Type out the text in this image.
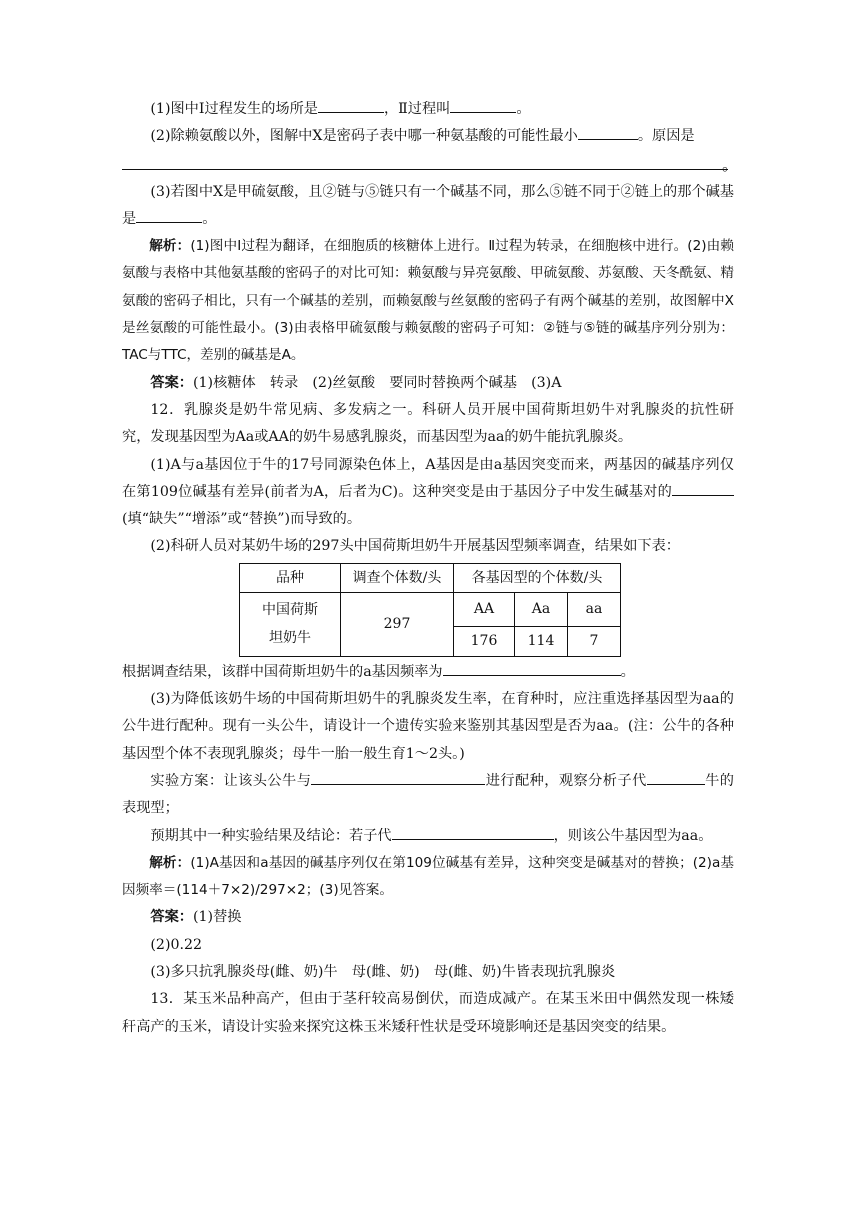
(1)图中Ⅰ过程发生的场所是	，Ⅱ过程叫	。

(2)除赖氨酸以外，图解中X是密码子表中哪一种氨基酸的可能性最小	。原因是

。

(3)若图中X是甲硫氨酸，且②链与⑤链只有一个碱基不同，那么⑤链不同于②链上的那个碱基是	。

解析：(1)图中Ⅰ过程为翻译，在细胞质的核糖体上进行。Ⅱ过程为转录，在细胞核中进行。(2)由赖氨酸与表格中其他氨基酸的密码子的对比可知：赖氨酸与异亮氨酸、甲硫氨酸、苏氨酸、天冬酰氨、精氨酸的密码子相比，只有一个碱基的差别，而赖氨酸与丝氨酸的密码子有两个碱基的差别，故图解中X是丝氨酸的可能性最小。(3)由表格甲硫氨酸与赖氨酸的密码子可知：②链与⑤链的碱基序列分别为：TAC与TTC，差别的碱基是A。

答案：(1)核糖体　转录　(2)丝氨酸　要同时替换两个碱基　(3)A

12．乳腺炎是奶牛常见病、多发病之一。科研人员开展中国荷斯坦奶牛对乳腺炎的抗性研究，发现基因型为Aa或AA的奶牛易感乳腺炎，而基因型为aa的奶牛能抗乳腺炎。

(1)A与a基因位于牛的17号同源染色体上，A基因是由a基因突变而来，两基因的碱基序列仅在第109位碱基有差异(前者为A，后者为C)。这种突变是由于基因分子中发生碱基对的(填“缺失”“增添”或“替换”)而导致的。

(2)科研人员对某奶牛场的297头中国荷斯坦奶牛开展基因型频率调查，结果如下表：

品种	调查个体数/头	各基因型的个体数/头		
中国荷斯
坦奶牛	297	AA	Aa	aa
		176	114	7

根据调查结果，该群中国荷斯坦奶牛的a基因频率为	。

(3)为降低该奶牛场的中国荷斯坦奶牛的乳腺炎发生率，在育种时，应注重选择基因型为aa的公牛进行配种。现有一头公牛，请设计一个遗传实验来鉴别其基因型是否为aa。(注：公牛的各种基因型个体不表现乳腺炎；母牛一胎一般生育1～2头。)

实验方案：让该头公牛与	进行配种，观察分析子代	牛的表现型；

预期其中一种实验结果及结论：若子代	，则该公牛基因型为aa。

解析：(1)A基因和a基因的碱基序列仅在第109位碱基有差异，这种突变是碱基对的替换；(2)a基因频率＝(114＋7×2)/297×2；(3)见答案。

答案：(1)替换

(2)0.22

(3)多只抗乳腺炎母(雌、奶)牛　母(雌、奶)　母(雌、奶)牛皆表现抗乳腺炎

13．某玉米品种高产，但由于茎秆较高易倒伏，而造成减产。在某玉米田中偶然发现一株矮秆高产的玉米，请设计实验来探究这株玉米矮秆性状是受环境影响还是基因突变的结果。
